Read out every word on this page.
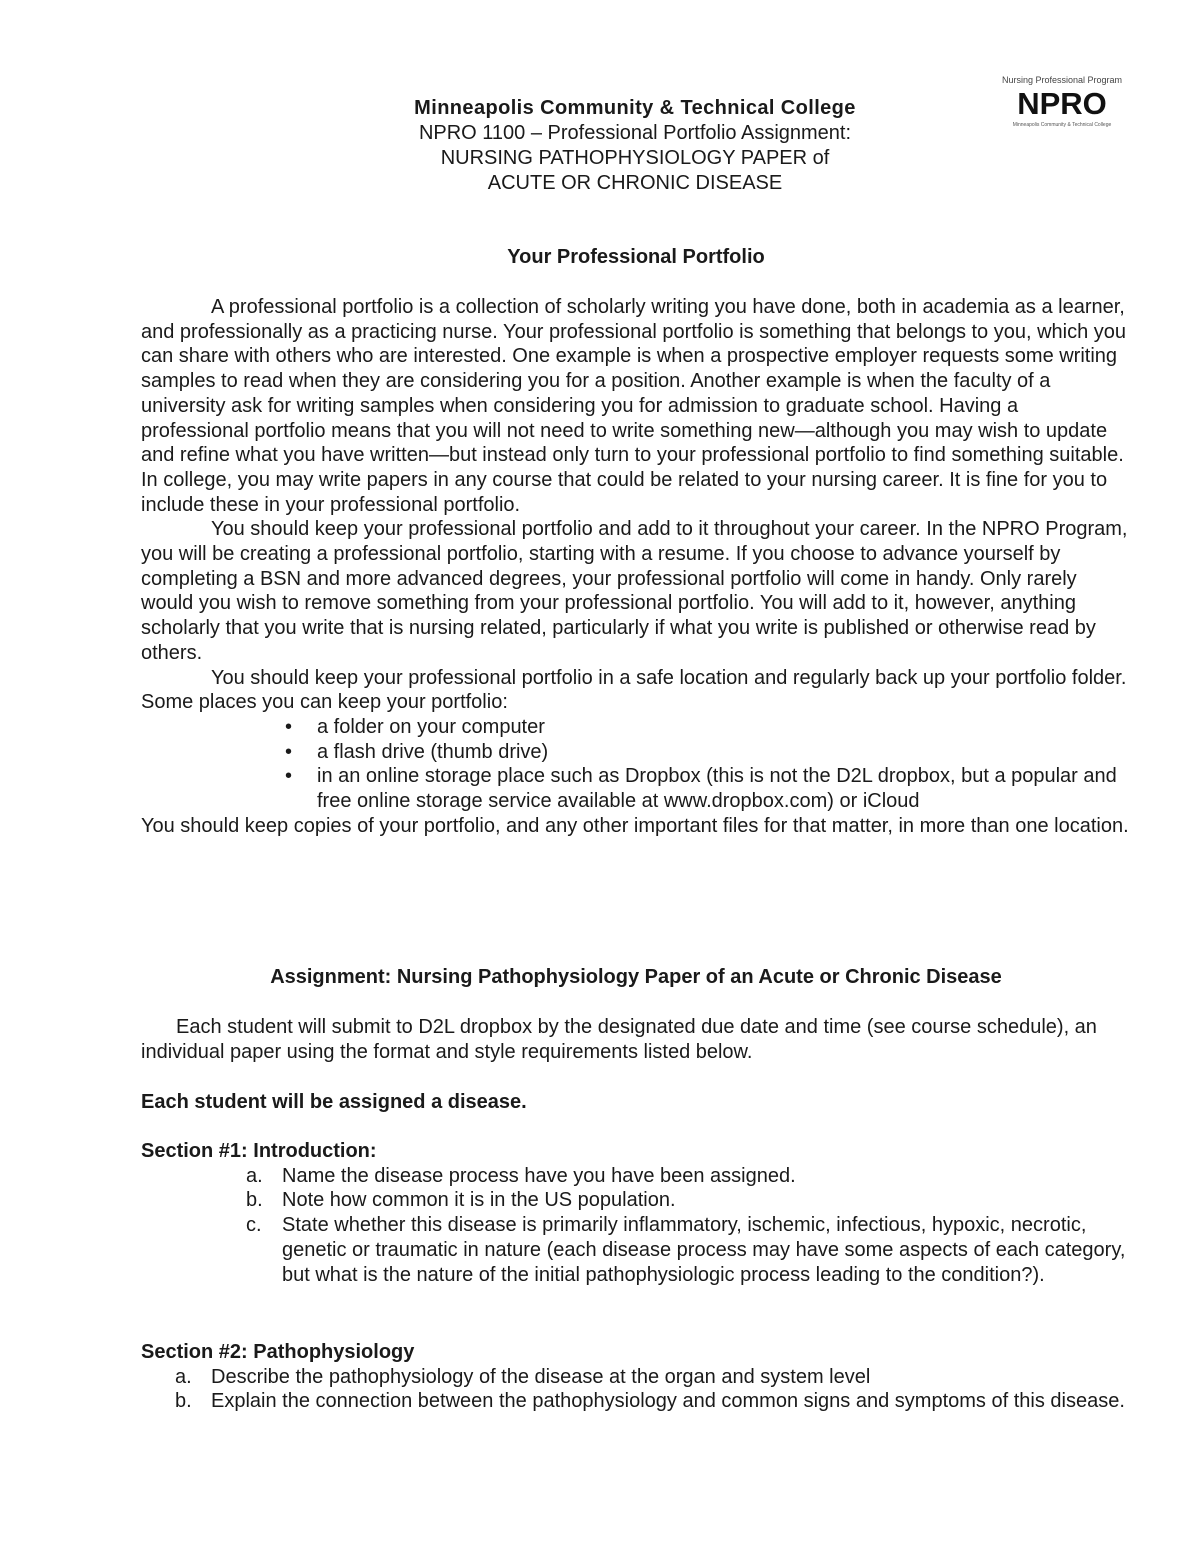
Nursing Professional Program
NPRO
Minneapolis Community & Technical College
Minneapolis Community & Technical College
NPRO 1100 – Professional Portfolio Assignment:
NURSING PATHOPHYSIOLOGY PAPER of
ACUTE OR CHRONIC DISEASE
Your Professional Portfolio

A professional portfolio is a collection of scholarly writing you have done, both in academia as a learner, and professionally as a practicing nurse. Your professional portfolio is something that belongs to you, which you can share with others who are interested. One example is when a prospective employer requests some writing samples to read when they are considering you for a position. Another example is when the faculty of a university ask for writing samples when considering you for admission to graduate school. Having a professional portfolio means that you will not need to write something new—although you may wish to update and refine what you have written—but instead only turn to your professional portfolio to find something suitable. In college, you may write papers in any course that could be related to your nursing career. It is fine for you to include these in your professional portfolio.

You should keep your professional portfolio and add to it throughout your career. In the NPRO Program, you will be creating a professional portfolio, starting with a resume. If you choose to advance yourself by completing a BSN and more advanced degrees, your professional portfolio will come in handy. Only rarely would you wish to remove something from your professional portfolio. You will add to it, however, anything scholarly that you write that is nursing related, particularly if what you write is published or otherwise read by others.

You should keep your professional portfolio in a safe location and regularly back up your portfolio folder. Some places you can keep your portfolio:

• a folder on your computer
• a flash drive (thumb drive)
• in an online storage place such as Dropbox (this is not the D2L dropbox, but a popular and free online storage service available at www.dropbox.com) or iCloud
You should keep copies of your portfolio, and any other important files for that matter, in more than one location.
Assignment: Nursing Pathophysiology Paper of an Acute or Chronic Disease
Each student will submit to D2L dropbox by the designated due date and time (see course schedule), an individual paper using the format and style requirements listed below.
Each student will be assigned a disease.
Section #1: Introduction:
a. Name the disease process have you have been assigned.
b. Note how common it is in the US population.
c. State whether this disease is primarily inflammatory, ischemic, infectious, hypoxic, necrotic, genetic or traumatic in nature (each disease process may have some aspects of each category, but what is the nature of the initial pathophysiologic process leading to the condition?).
Section #2: Pathophysiology
a. Describe the pathophysiology of the disease at the organ and system level
b. Explain the connection between the pathophysiology and common signs and symptoms of this disease.
